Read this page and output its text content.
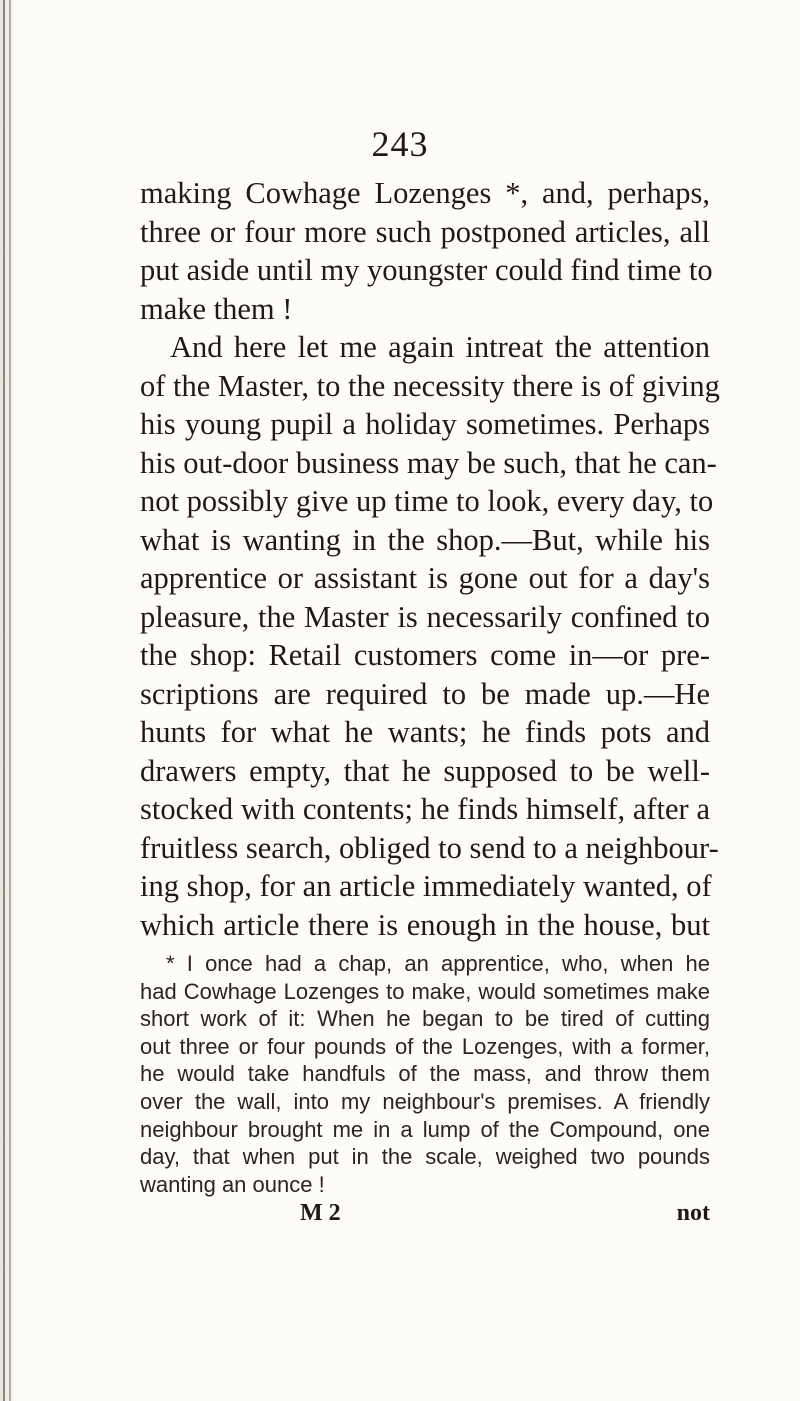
243
making Cowhage Lozenges *, and, perhaps,
three or four more such postponed articles, all
put aside until my youngster could find time to
make them !
And here let me again intreat the attention
of the Master, to the necessity there is of giving
his young pupil a holiday sometimes. Perhaps
his out-door business may be such, that he can-
not possibly give up time to look, every day, to
what is wanting in the shop.—But, while his
apprentice or assistant is gone out for a day's
pleasure, the Master is necessarily confined to
the shop: Retail customers come in—or pre-
scriptions are required to be made up.—He
hunts for what he wants; he finds pots and
drawers empty, that he supposed to be well-
stocked with contents; he finds himself, after a
fruitless search, obliged to send to a neighbour-
ing shop, for an article immediately wanted, of
which article there is enough in the house, but
* I once had a chap, an apprentice, who, when he
had Cowhage Lozenges to make, would sometimes make
short work of it: When he began to be tired of cutting
out three or four pounds of the Lozenges, with a former,
he would take handfuls of the mass, and throw them
over the wall, into my neighbour's premises. A friendly
neighbour brought me in a lump of the Compound, one
day, that when put in the scale, weighed two pounds
wanting an ounce !
M 2	not
